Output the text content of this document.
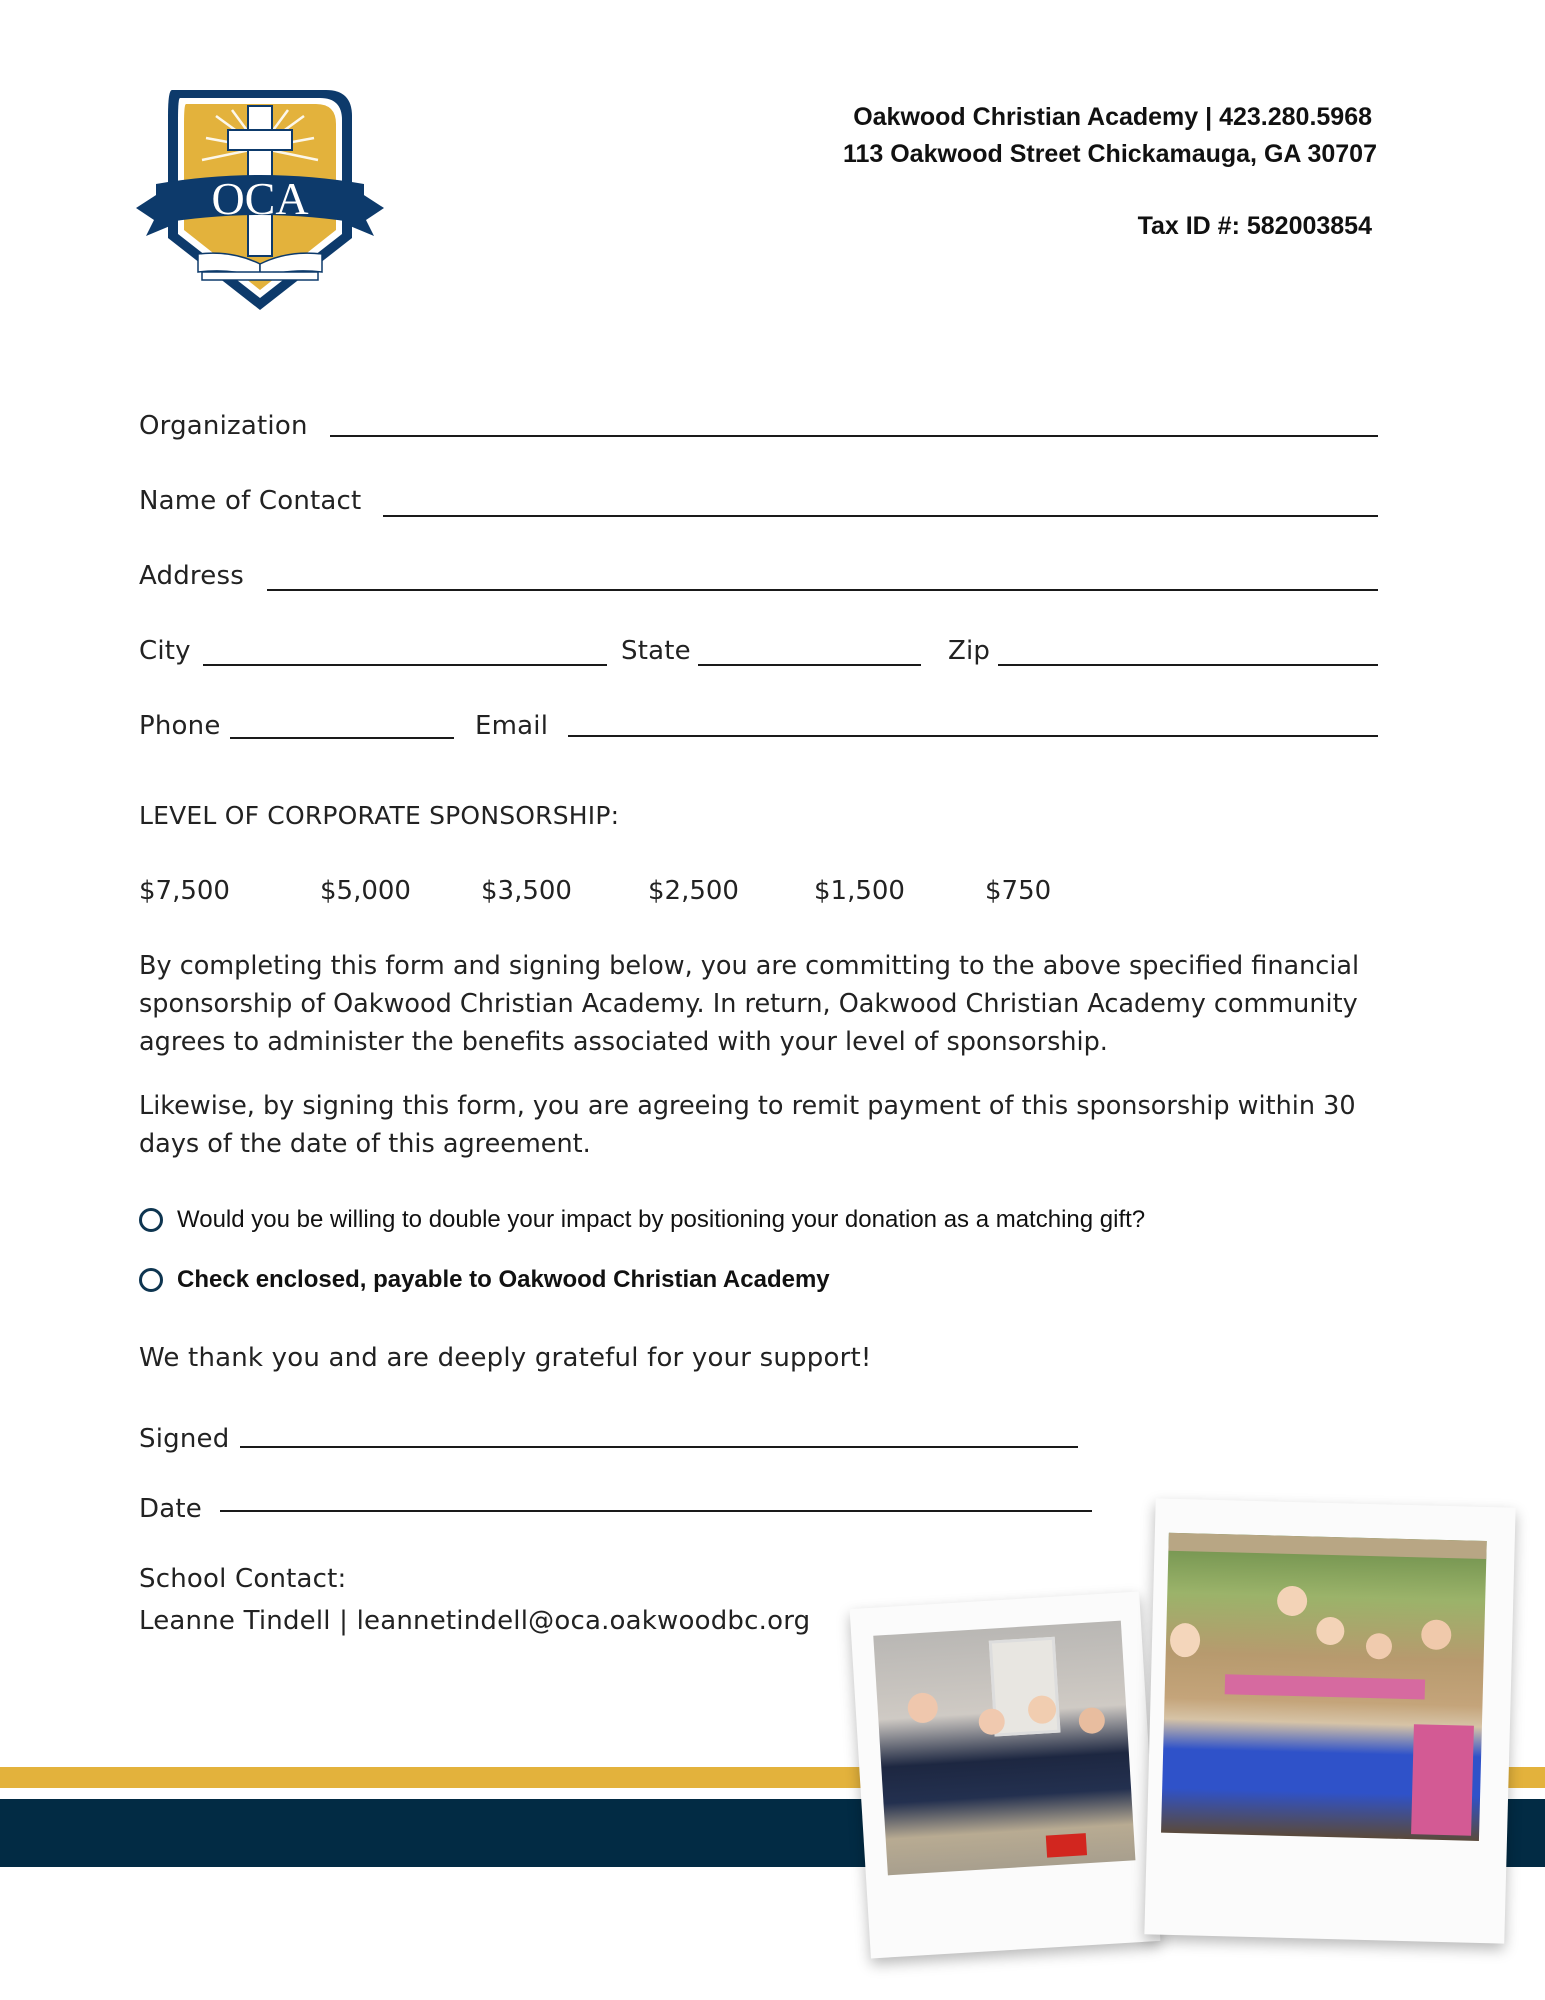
OCA
Oakwood Christian Academy | 423.280.5968
113 Oakwood Street Chickamauga, GA 30707
Tax ID #: 582003854
Organization
Name of Contact
Address
City	State	Zip
Phone	Email
LEVEL OF CORPORATE SPONSORSHIP:
$7,500	$5,000	$3,500	$2,500	$1,500	$750
By completing this form and signing below, you are committing to the above specified financial sponsorship of Oakwood Christian Academy. In return, Oakwood Christian Academy community agrees to administer the benefits associated with your level of sponsorship.
Likewise, by signing this form, you are agreeing to remit payment of this sponsorship within 30 days of the date of this agreement.
Would you be willing to double your impact by positioning your donation as a matching gift?
Check enclosed, payable to Oakwood Christian Academy
We thank you and are deeply grateful for your support!
Signed
Date
School Contact:
Leanne Tindell | leannetindell@oca.oakwoodbc.org
